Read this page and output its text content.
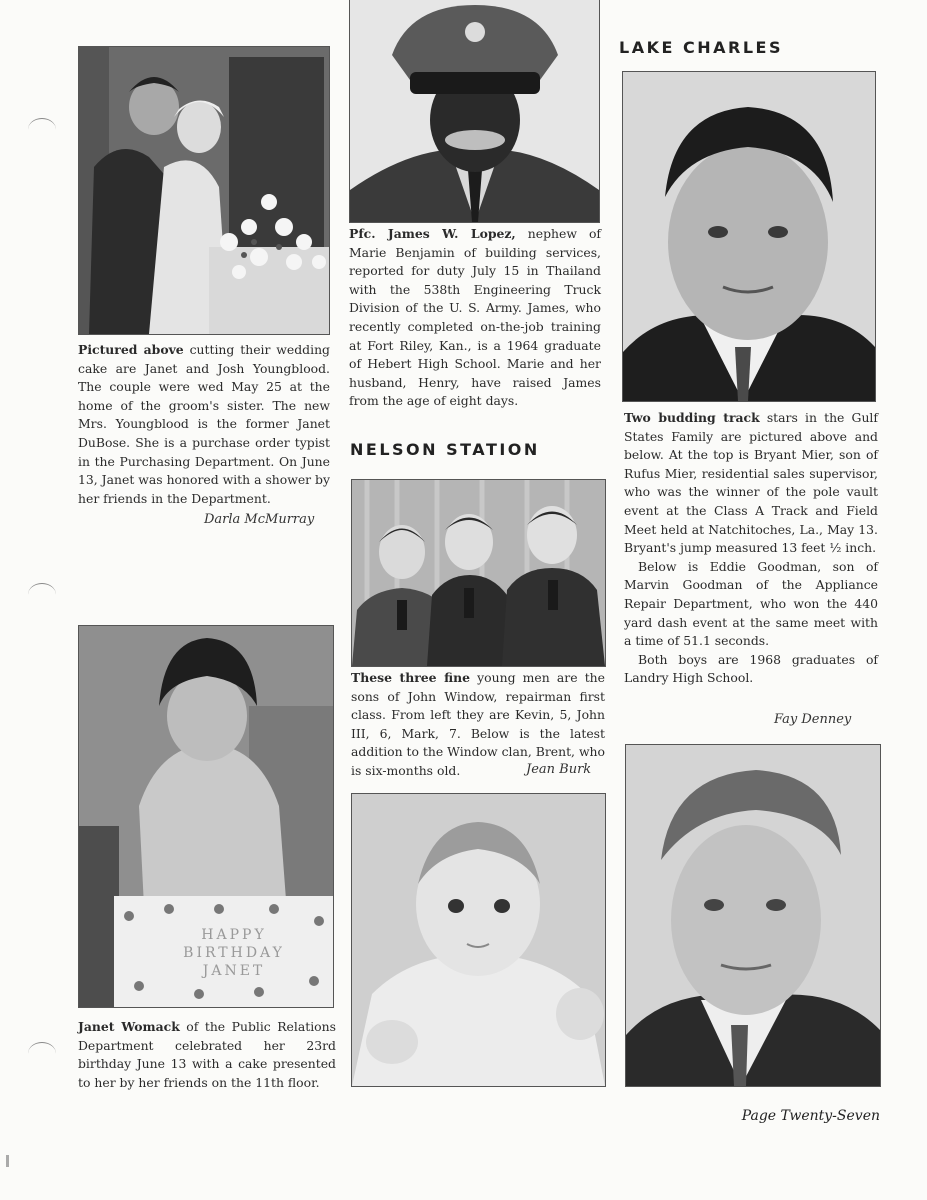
Pictured above cutting their wedding cake are Janet and Josh Youngblood. The couple were wed May 25 at the home of the groom's sister. The new Mrs. Youngblood is the former Janet DuBose. She is a purchase order typist in the Purchasing Department. On June 13, Janet was honored with a shower by her friends in the Department.
Darla McMurray
HAPPY BIRTHDAY JANET
Janet Womack of the Public Relations Department celebrated her 23rd birthday June 13 with a cake presented to her by her friends on the 11th floor.
Pfc. James W. Lopez, nephew of Marie Benjamin of building services, reported for duty July 15 in Thailand with the 538th Engineering Truck Division of the U. S. Army. James, who recently completed on-the-job training at Fort Riley, Kan., is a 1964 graduate of Hebert High School. Marie and her husband, Henry, have raised James from the age of eight days.
NELSON STATION
These three fine young men are the sons of John Window, repairman first class. From left they are Kevin, 5, John III, 6, Mark, 7. Below is the latest addition to the Window clan, Brent, who is six-months old.	Jean Burk
LAKE CHARLES
Two budding track stars in the Gulf States Family are pictured above and below. At the top is Bryant Mier, son of Rufus Mier, residential sales supervisor, who was the winner of the pole vault event at the Class A Track and Field Meet held at Natchitoches, La., May 13. Bryant's jump measured 13 feet ½ inch.
Below is Eddie Goodman, son of Marvin Goodman of the Appliance Repair Department, who won the 440 yard dash event at the same meet with a time of 51.1 seconds.
Both boys are 1968 graduates of Landry High School.
Fay Denney
Page Twenty-Seven
